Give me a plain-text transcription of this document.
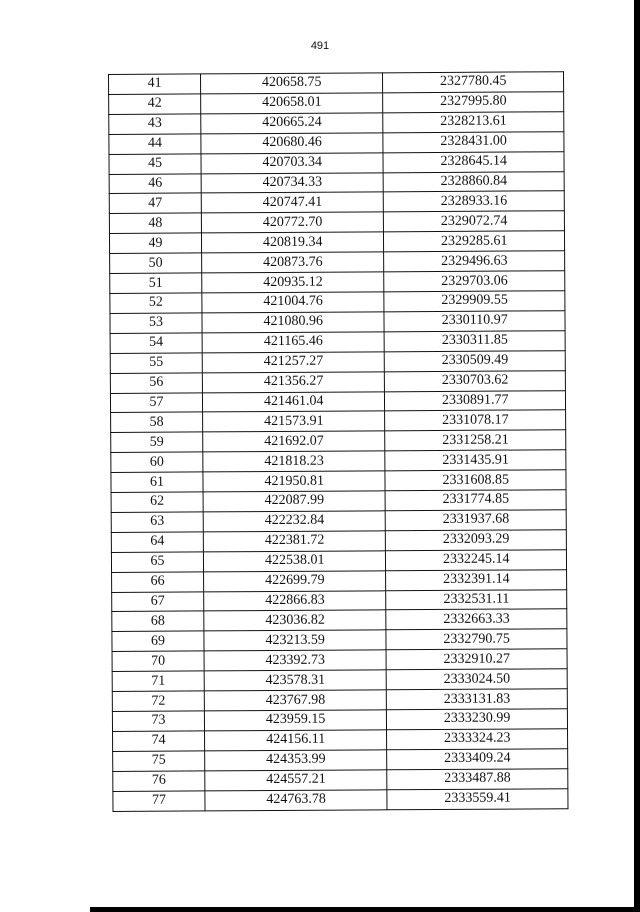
491
41	420658.75	2327780.45
42	420658.01	2327995.80
43	420665.24	2328213.61
44	420680.46	2328431.00
45	420703.34	2328645.14
46	420734.33	2328860.84
47	420747.41	2328933.16
48	420772.70	2329072.74
49	420819.34	2329285.61
50	420873.76	2329496.63
51	420935.12	2329703.06
52	421004.76	2329909.55
53	421080.96	2330110.97
54	421165.46	2330311.85
55	421257.27	2330509.49
56	421356.27	2330703.62
57	421461.04	2330891.77
58	421573.91	2331078.17
59	421692.07	2331258.21
60	421818.23	2331435.91
61	421950.81	2331608.85
62	422087.99	2331774.85
63	422232.84	2331937.68
64	422381.72	2332093.29
65	422538.01	2332245.14
66	422699.79	2332391.14
67	422866.83	2332531.11
68	423036.82	2332663.33
69	423213.59	2332790.75
70	423392.73	2332910.27
71	423578.31	2333024.50
72	423767.98	2333131.83
73	423959.15	2333230.99
74	424156.11	2333324.23
75	424353.99	2333409.24
76	424557.21	2333487.88
77	424763.78	2333559.41
